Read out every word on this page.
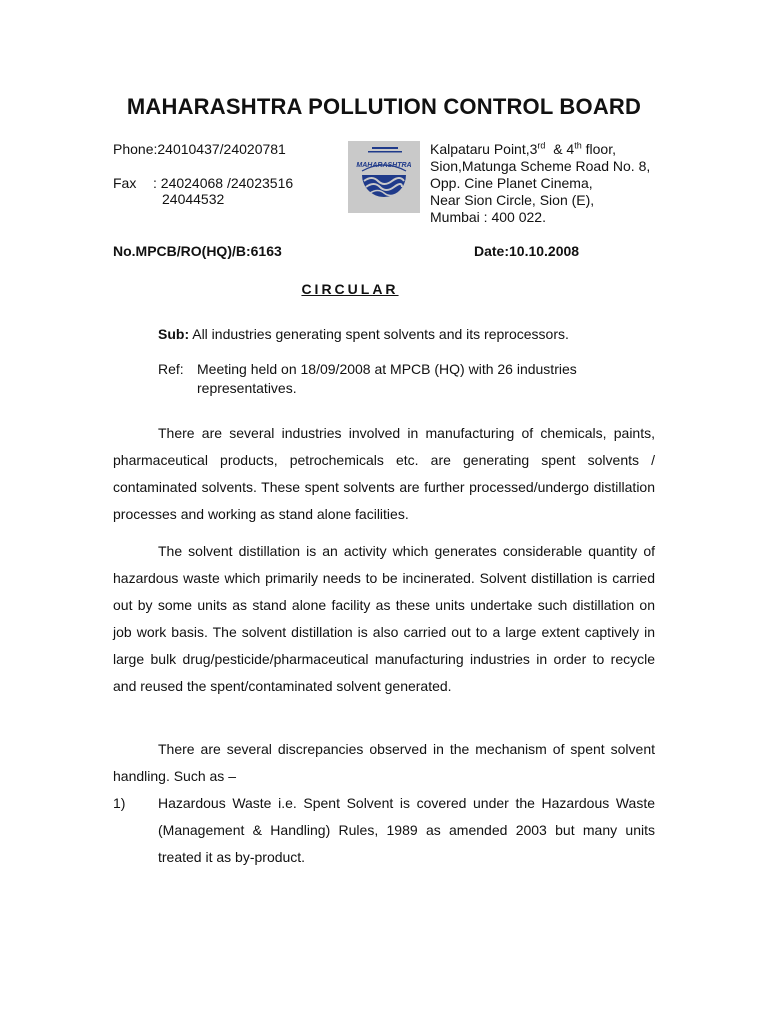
MAHARASHTRA POLLUTION CONTROL BOARD
Phone:24010437/24020781
Fax : 24024068 /24023516
24044532
MAHARASHTRA
Kalpataru Point,3rd  & 4th floor,
Sion,Matunga Scheme Road No. 8,
Opp. Cine Planet Cinema,
Near Sion Circle, Sion (E),
Mumbai : 400 022.
No.MPCB/RO(HQ)/B:6163	Date:10.10.2008
CIRCULAR
Sub: All industries generating spent solvents and its reprocessors.
Ref: Meeting held on 18/09/2008 at MPCB (HQ) with 26 industries
representatives.
There are several industries involved in manufacturing of chemicals, paints, pharmaceutical products, petrochemicals etc. are generating spent solvents / contaminated solvents. These spent solvents are further processed/undergo distillation processes and working as stand alone facilities.
The solvent distillation is an activity which generates considerable quantity of hazardous waste which primarily needs to be incinerated. Solvent distillation is carried out by some units as stand alone facility as these units undertake such distillation on job work basis. The solvent distillation is also carried out to a large extent captively in large bulk drug/pesticide/pharmaceutical manufacturing industries in order to recycle and reused the spent/contaminated solvent generated.
There are several discrepancies observed in the mechanism of spent solvent handling. Such as –
1) Hazardous Waste i.e. Spent Solvent is covered under the Hazardous Waste (Management & Handling) Rules, 1989 as amended 2003 but many units treated it as by-product.
